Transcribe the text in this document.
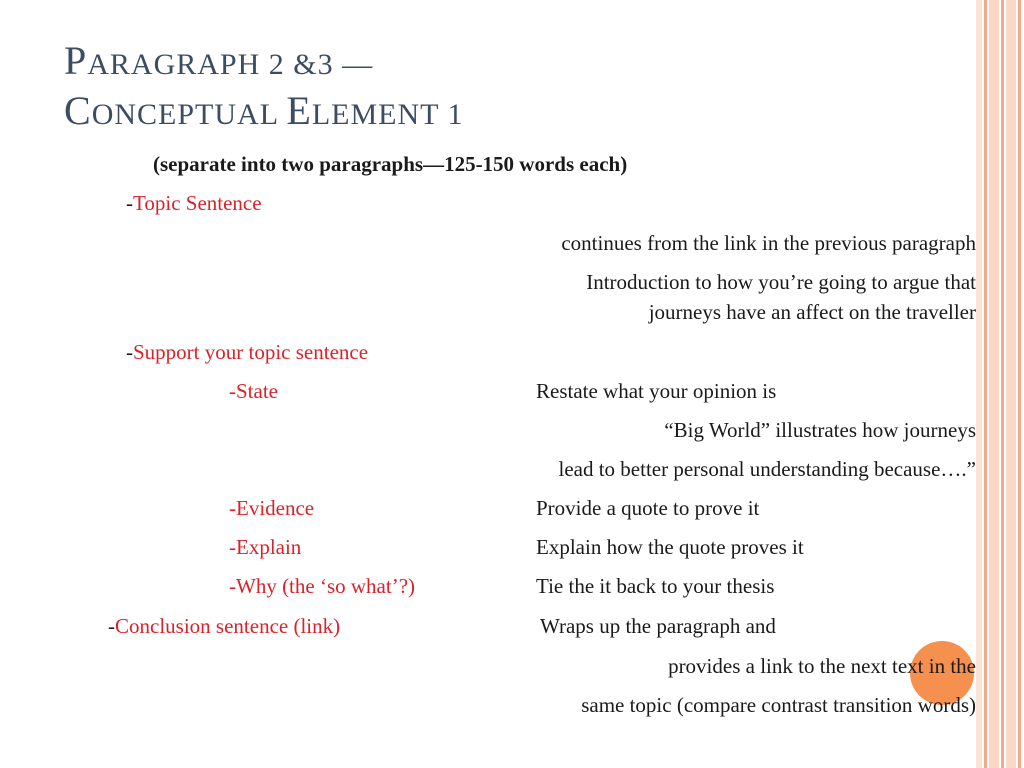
PARAGRAPH 2 &3 —
CONCEPTUAL ELEMENT 1
(separate into two paragraphs—125-150 words each)
-Topic Sentence
continues from the link in the previous paragraph
Introduction to how you’re going to argue that
journeys have an affect on the traveller
-Support your topic sentence
-State	Restate what your opinion is
“Big World” illustrates how journeys
lead to better personal understanding because….”
-Evidence	Provide a quote to prove it
-Explain	Explain how the quote proves it
-Why (the ‘so what’?)	Tie the it back to your thesis
-Conclusion sentence (link)	Wraps up the paragraph and
provides a link to the next text in the
same topic (compare contrast transition words)
